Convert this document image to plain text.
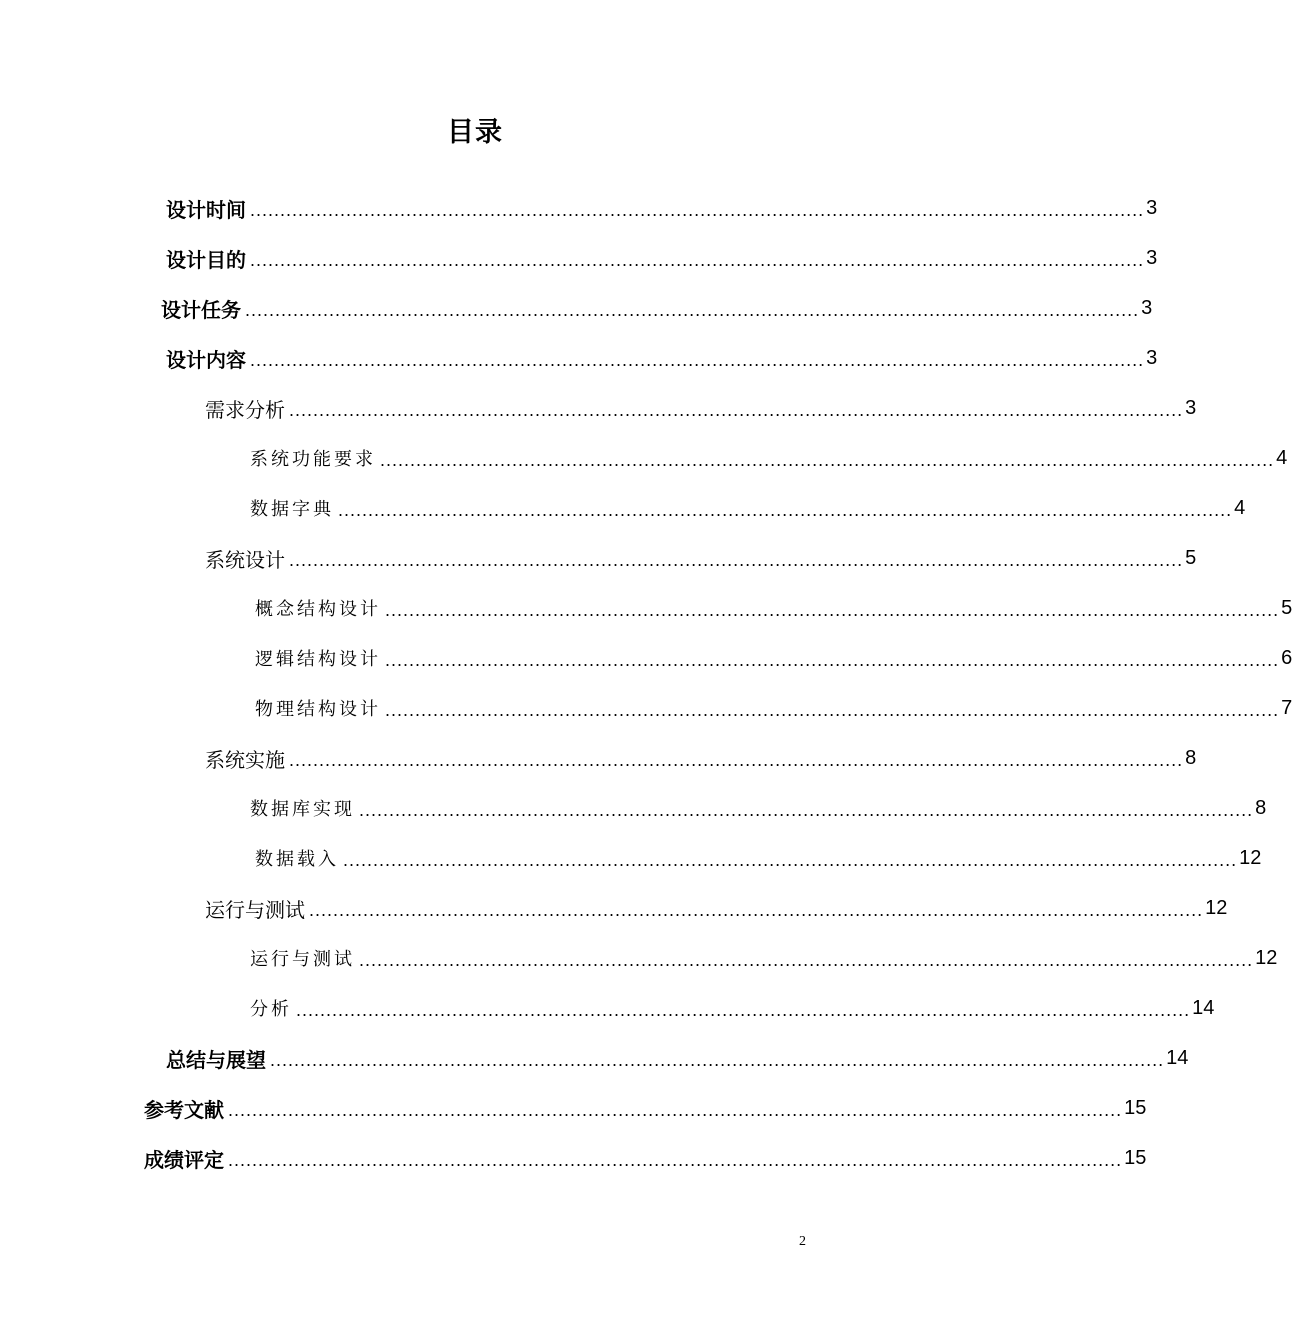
目录
设计时间 ..................................................................................................................................................... 3
设计目的 ..................................................................................................................................................... 3
设计任务 ..................................................................................................................................................... 3
设计内容 ..................................................................................................................................................... 3
需求分析 ..................................................................................................................................................... 3
系统功能要求 ..................................................................................................................................................... 4
数据字典 ..................................................................................................................................................... 4
系统设计 ..................................................................................................................................................... 5
概念结构设计 ..................................................................................................................................................... 5
逻辑结构设计 ..................................................................................................................................................... 6
物理结构设计 ..................................................................................................................................................... 7
系统实施 ..................................................................................................................................................... 8
数据库实现 ..................................................................................................................................................... 8
数据载入 ..................................................................................................................................................... 12
运行与测试 ..................................................................................................................................................... 12
运行与测试 ..................................................................................................................................................... 12
分析 ..................................................................................................................................................... 14
总结与展望 ..................................................................................................................................................... 14
参考文献 ..................................................................................................................................................... 15
成绩评定 ..................................................................................................................................................... 15
2
